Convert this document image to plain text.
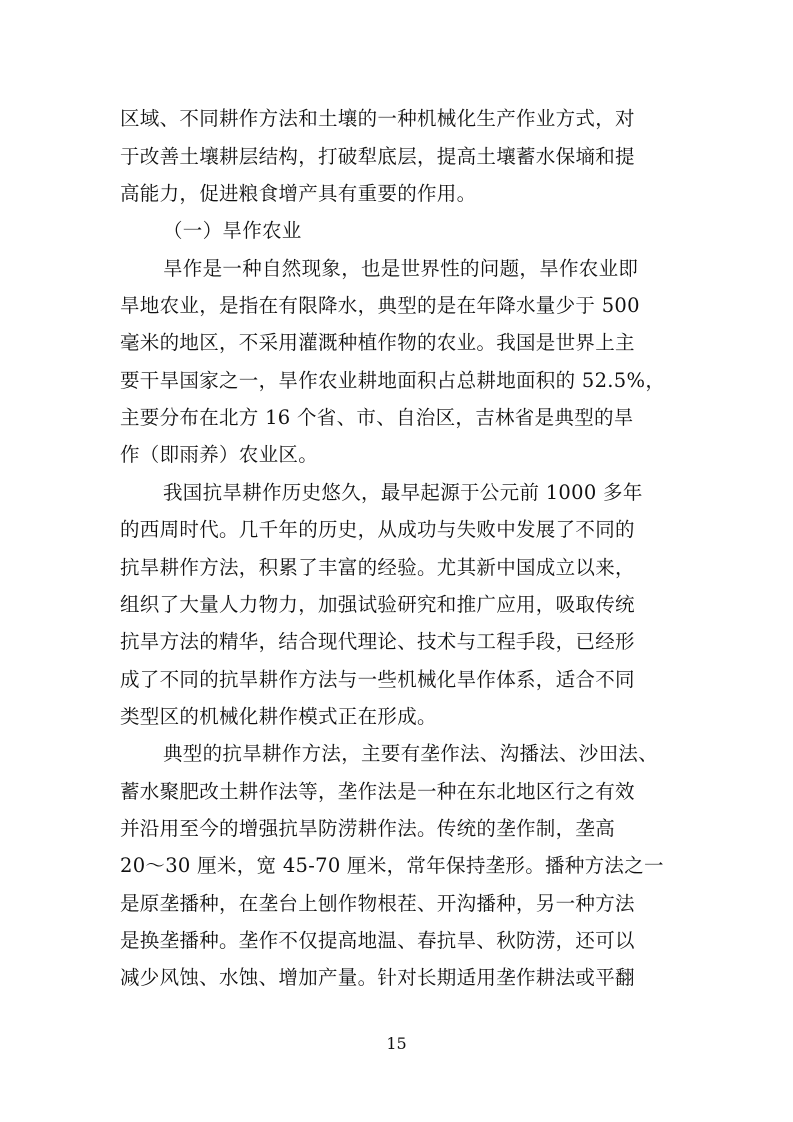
区域、不同耕作方法和土壤的一种机械化生产作业方式，对
于改善土壤耕层结构，打破犁底层，提高土壤蓄水保墒和提
高能力，促进粮食增产具有重要的作用。
（一）旱作农业
旱作是一种自然现象，也是世界性的问题，旱作农业即
旱地农业，是指在有限降水，典型的是在年降水量少于 500
毫米的地区，不采用灌溉种植作物的农业。我国是世界上主
要干旱国家之一，旱作农业耕地面积占总耕地面积的 52.5%，
主要分布在北方 16 个省、市、自治区，吉林省是典型的旱
作（即雨养）农业区。
我国抗旱耕作历史悠久，最早起源于公元前 1000 多年
的西周时代。几千年的历史，从成功与失败中发展了不同的
抗旱耕作方法，积累了丰富的经验。尤其新中国成立以来，
组织了大量人力物力，加强试验研究和推广应用，吸取传统
抗旱方法的精华，结合现代理论、技术与工程手段，已经形
成了不同的抗旱耕作方法与一些机械化旱作体系，适合不同
类型区的机械化耕作模式正在形成。
典型的抗旱耕作方法，主要有垄作法、沟播法、沙田法、
蓄水聚肥改土耕作法等，垄作法是一种在东北地区行之有效
并沿用至今的增强抗旱防涝耕作法。传统的垄作制，垄高
20～30 厘米，宽 45-70 厘米，常年保持垄形。播种方法之一
是原垄播种，在垄台上刨作物根茬、开沟播种，另一种方法
是换垄播种。垄作不仅提高地温、春抗旱、秋防涝，还可以
减少风蚀、水蚀、增加产量。针对长期适用垄作耕法或平翻
15
